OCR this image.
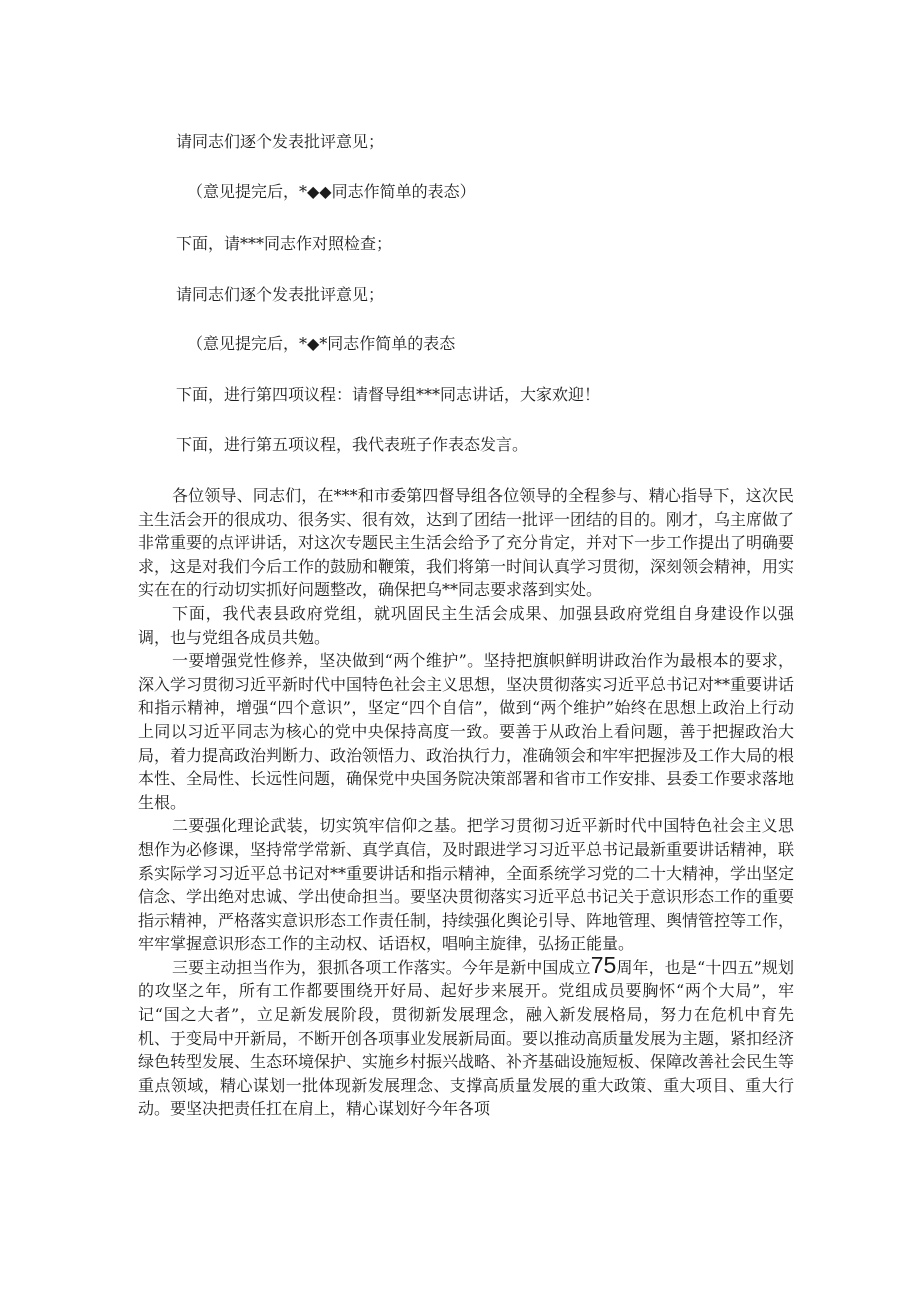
请同志们逐个发表批评意见；

（意见提完后，*◆◆同志作简单的表态）

下面，请***同志作对照检查；

请同志们逐个发表批评意见；

（意见提完后，*◆*同志作简单的表态

下面，进行第四项议程：请督导组***同志讲话，大家欢迎！

下面，进行第五项议程，我代表班子作表态发言。

各位领导、同志们，在***和市委第四督导组各位领导的全程参与、精心指导下，这次民主生活会开的很成功、很务实、很有效，达到了团结一批评一团结的目的。刚才，乌主席做了非常重要的点评讲话，对这次专题民主生活会给予了充分肯定，并对下一步工作提出了明确要求，这是对我们今后工作的鼓励和鞭策，我们将第一时间认真学习贯彻，深刻领会精神，用实实在在的行动切实抓好问题整改，确保把乌**同志要求落到实处。

下面，我代表县政府党组，就巩固民主生活会成果、加强县政府党组自身建设作以强调，也与党组各成员共勉。

一要增强党性修养，坚决做到“两个维护”。坚持把旗帜鲜明讲政治作为最根本的要求，深入学习贯彻习近平新时代中国特色社会主义思想，坚决贯彻落实习近平总书记对**重要讲话和指示精神，增强“四个意识”，坚定“四个自信”，做到“两个维护”始终在思想上政治上行动上同以习近平同志为核心的党中央保持高度一致。要善于从政治上看问题，善于把握政治大局，着力提高政治判断力、政治领悟力、政治执行力，准确领会和牢牢把握涉及工作大局的根本性、全局性、长远性问题，确保党中央国务院决策部署和省市工作安排、县委工作要求落地生根。

二要强化理论武装，切实筑牢信仰之基。把学习贯彻习近平新时代中国特色社会主义思想作为必修课，坚持常学常新、真学真信，及时跟进学习习近平总书记最新重要讲话精神，联系实际学习习近平总书记对**重要讲话和指示精神，全面系统学习党的二十大精神，学出坚定信念、学出绝对忠诚、学出使命担当。要坚决贯彻落实习近平总书记关于意识形态工作的重要指示精神，严格落实意识形态工作责任制，持续强化舆论引导、阵地管理、舆情管控等工作，牢牢掌握意识形态工作的主动权、话语权，唱响主旋律，弘扬正能量。

三要主动担当作为，狠抓各项工作落实。今年是新中国成立75周年，也是“十四五”规划的攻坚之年，所有工作都要围绕开好局、起好步来展开。党组成员要胸怀“两个大局”，牢记“国之大者”，立足新发展阶段，贯彻新发展理念，融入新发展格局，努力在危机中育先机、于变局中开新局，不断开创各项事业发展新局面。要以推动高质量发展为主题，紧扣经济绿色转型发展、生态环境保护、实施乡村振兴战略、补齐基础设施短板、保障改善社会民生等重点领域，精心谋划一批体现新发展理念、支撑高质量发展的重大政策、重大项目、重大行动。要坚决把责任扛在肩上，精心谋划好今年各项
